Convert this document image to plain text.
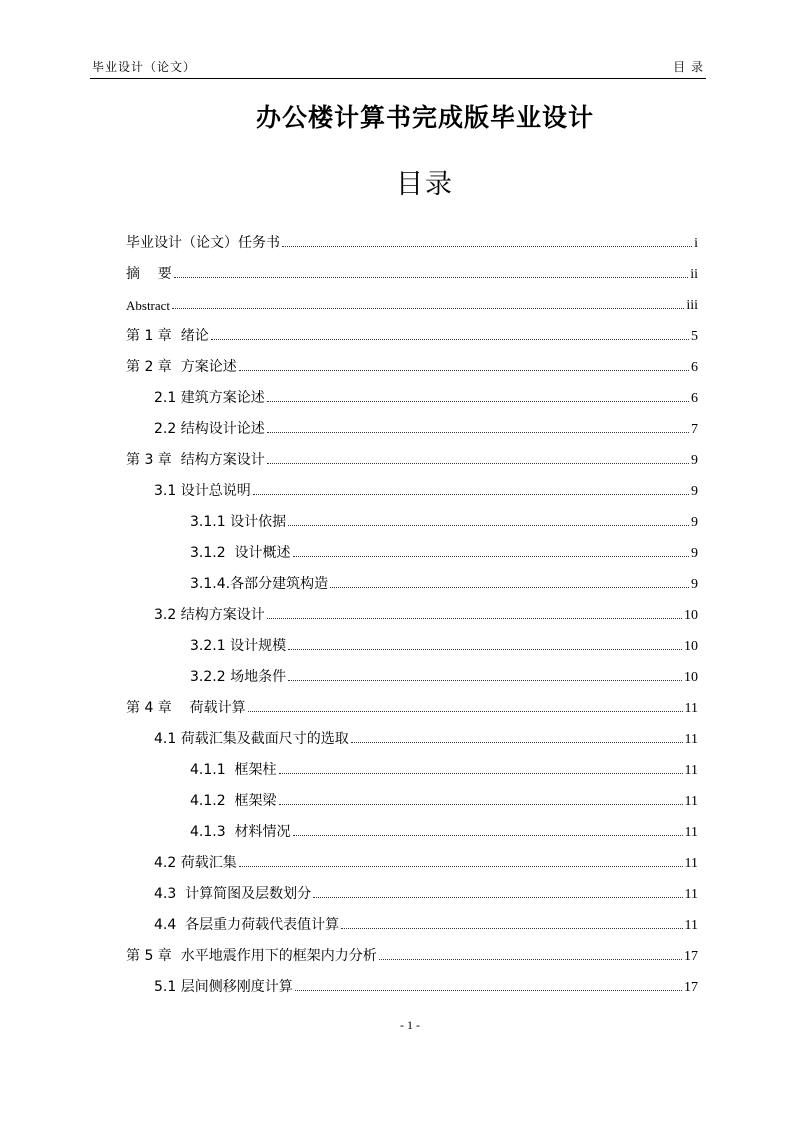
毕业设计（论文）	目 录
办公楼计算书完成版毕业设计
目录
毕业设计（论文）任务书	i
摘    要	ii
Abstract	iii
第 1 章  绪论	5
第 2 章  方案论述	6
2.1 建筑方案论述	6
2.2 结构设计论述	7
第 3 章  结构方案设计	9
3.1 设计总说明	9
3.1.1 设计依据	9
3.1.2  设计概述	9
3.1.4.各部分建筑构造	9
3.2 结构方案设计	10
3.2.1 设计规模	10
3.2.2 场地条件	10
第 4 章    荷载计算	11
4.1 荷载汇集及截面尺寸的选取	11
4.1.1  框架柱	11
4.1.2  框架梁	11
4.1.3  材料情况	11
4.2 荷载汇集	11
4.3  计算简图及层数划分	11
4.4  各层重力荷载代表值计算	11
第 5 章  水平地震作用下的框架内力分析	17
5.1 层间侧移刚度计算	17
- 1 -
